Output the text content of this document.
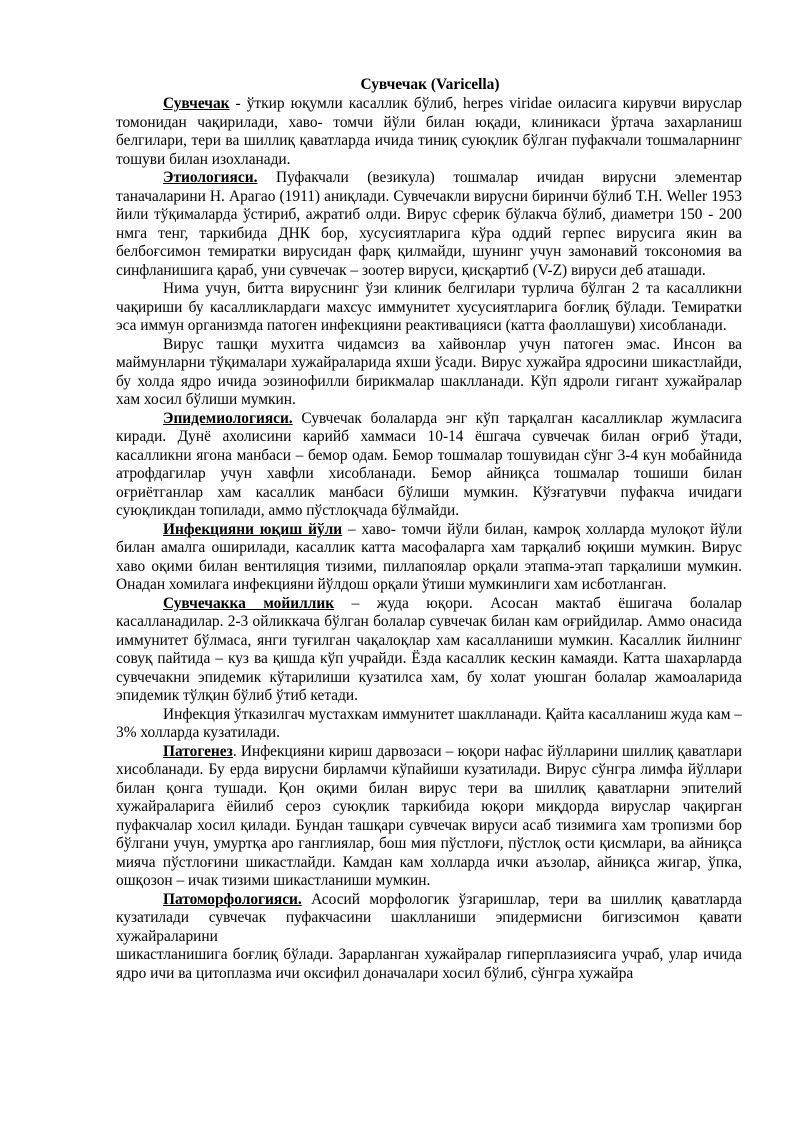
Сувчечак (Varicella)

Сувчечак - ўткир юқумли касаллик бўлиб, herpes viridae оиласига кирувчи вируслар томонидан чақирилади, хаво- томчи йўли билан юқади, клиникаси ўртача захарланиш белгилари, тери ва шиллиқ қаватларда ичида тиниқ суюқлик бўлган пуфакчали тошмаларнинг тошуви билан изохланади.

Этиологияси. Пуфакчали (везикула) тошмалар ичидан вирусни элементар таначаларини Н. Арагао (1911) аниқлади. Сувчечакли вирусни биринчи бўлиб Т.Н. Weller 1953 йили тўқималарда ўстириб, ажратиб олди. Вирус сферик бўлакча бўлиб, диаметри 150 - 200 нмга тенг, таркибида ДНК бор, хусусиятларига кўра оддий герпес вирусига якин ва белбоғсимон темиратки вирусидан фарқ қилмайди, шунинг учун замонавий токсономия ва синфланишига қараб, уни сувчечак – зоотер вируси, қисқартиб (V-Z) вируси деб аташади.

Нима учун, битта вируснинг ўзи клиник белгилари турлича бўлган 2 та касалликни чақириши бу касалликлардаги махсус иммунитет хусусиятларига боғлиқ бўлади. Темиратки эса иммун организмда патоген инфекцияни реактивацияси (катта фаоллашуви) хисобланади.

Вирус ташқи мухитга чидамсиз ва хайвонлар учун патоген эмас. Инсон ва маймунларни тўқималари хужайраларида яхши ўсади. Вирус хужайра ядросини шикастлайди, бу холда ядро ичида эозинофилли бирикмалар шаклланади. Кўп ядроли гигант хужайралар хам хосил бўлиши мумкин.

Эпидемиологияси. Сувчечак болаларда энг кўп тарқалган касалликлар жумласига киради. Дунё ахолисини карийб хаммаси 10-14 ёшгача сувчечак билан оғриб ўтади, касалликни ягона манбаси – бемор одам. Бемор тошмалар тошувидан сўнг 3-4 кун мобайнида атрофдагилар учун хавфли хисобланади. Бемор айниқса тошмалар тошиши билан оғриётганлар хам касаллик манбаси бўлиши мумкин. Кўзғатувчи пуфакча ичидаги суюқликдан топилади, аммо пўстлоқчада бўлмайди.

Инфекцияни юқиш йўли – хаво- томчи йўли билан, камроқ холларда мулоқот йўли билан амалга оширилади, касаллик катта масофаларга хам тарқалиб юқиши мумкин. Вирус хаво оқими билан вентиляция тизими, пиллапоялар орқали этапма-этап тарқалиши мумкин. Онадан хомилага инфекцияни йўлдош орқали ўтиши мумкинлиги хам исботланган.

Сувчечакка мойиллик – жуда юқори. Асосан мактаб ёшигача болалар касалланадилар. 2-3 ойликкача бўлган болалар сувчечак билан кам оғрийдилар. Аммо онасида иммунитет бўлмаса, янги туғилган чақалоқлар хам касалланиши мумкин. Касаллик йилнинг совуқ пайтида – куз ва қишда кўп учрайди. Ёзда касаллик кескин камаяди. Катта шахарларда сувчечакни эпидемик кўтарилиши кузатилса хам, бу холат уюшган болалар жамоаларида эпидемик тўлқин бўлиб ўтиб кетади.

Инфекция ўтказилгач мустахкам иммунитет шаклланади. Қайта касалланиш жуда кам – 3% холларда кузатилади.

Патогенез. Инфекцияни кириш дарвозаси – юқори нафас йўлларини шиллиқ қаватлари хисобланади. Бу ерда вирусни бирламчи кўпайиши кузатилади. Вирус сўнгра лимфа йўллари билан қонга тушади. Қон оқими билан вирус тери ва шиллиқ қаватларни эпителий хужайраларига ёйилиб сероз суюқлик таркибида юқори миқдорда вируслар чақирган пуфакчалар хосил қилади. Бундан ташқари сувчечак вируси асаб тизимига хам тропизми бор бўлгани учун, умуртқа аро ганглиялар, бош мия пўстлоғи, пўстлоқ ости қисмлари, ва айниқса мияча пўстлоғини шикастлайди. Камдан кам холларда ички аъзолар, айниқса жигар, ўпка, ошқозон – ичак тизими шикастланиши мумкин.

Патоморфологияси. Асосий морфологик ўзгаришлар, тери ва шиллиқ қаватларда кузатилади сувчечак пуфакчасини шаклланиши эпидермисни бигизсимон қавати хужайраларини

шикастланишига боғлиқ бўлади. Зарарланган хужайралар гиперплазиясига учраб, улар ичида ядро ичи ва цитоплазма ичи оксифил доначалари хосил бўлиб, сўнгра хужайра
